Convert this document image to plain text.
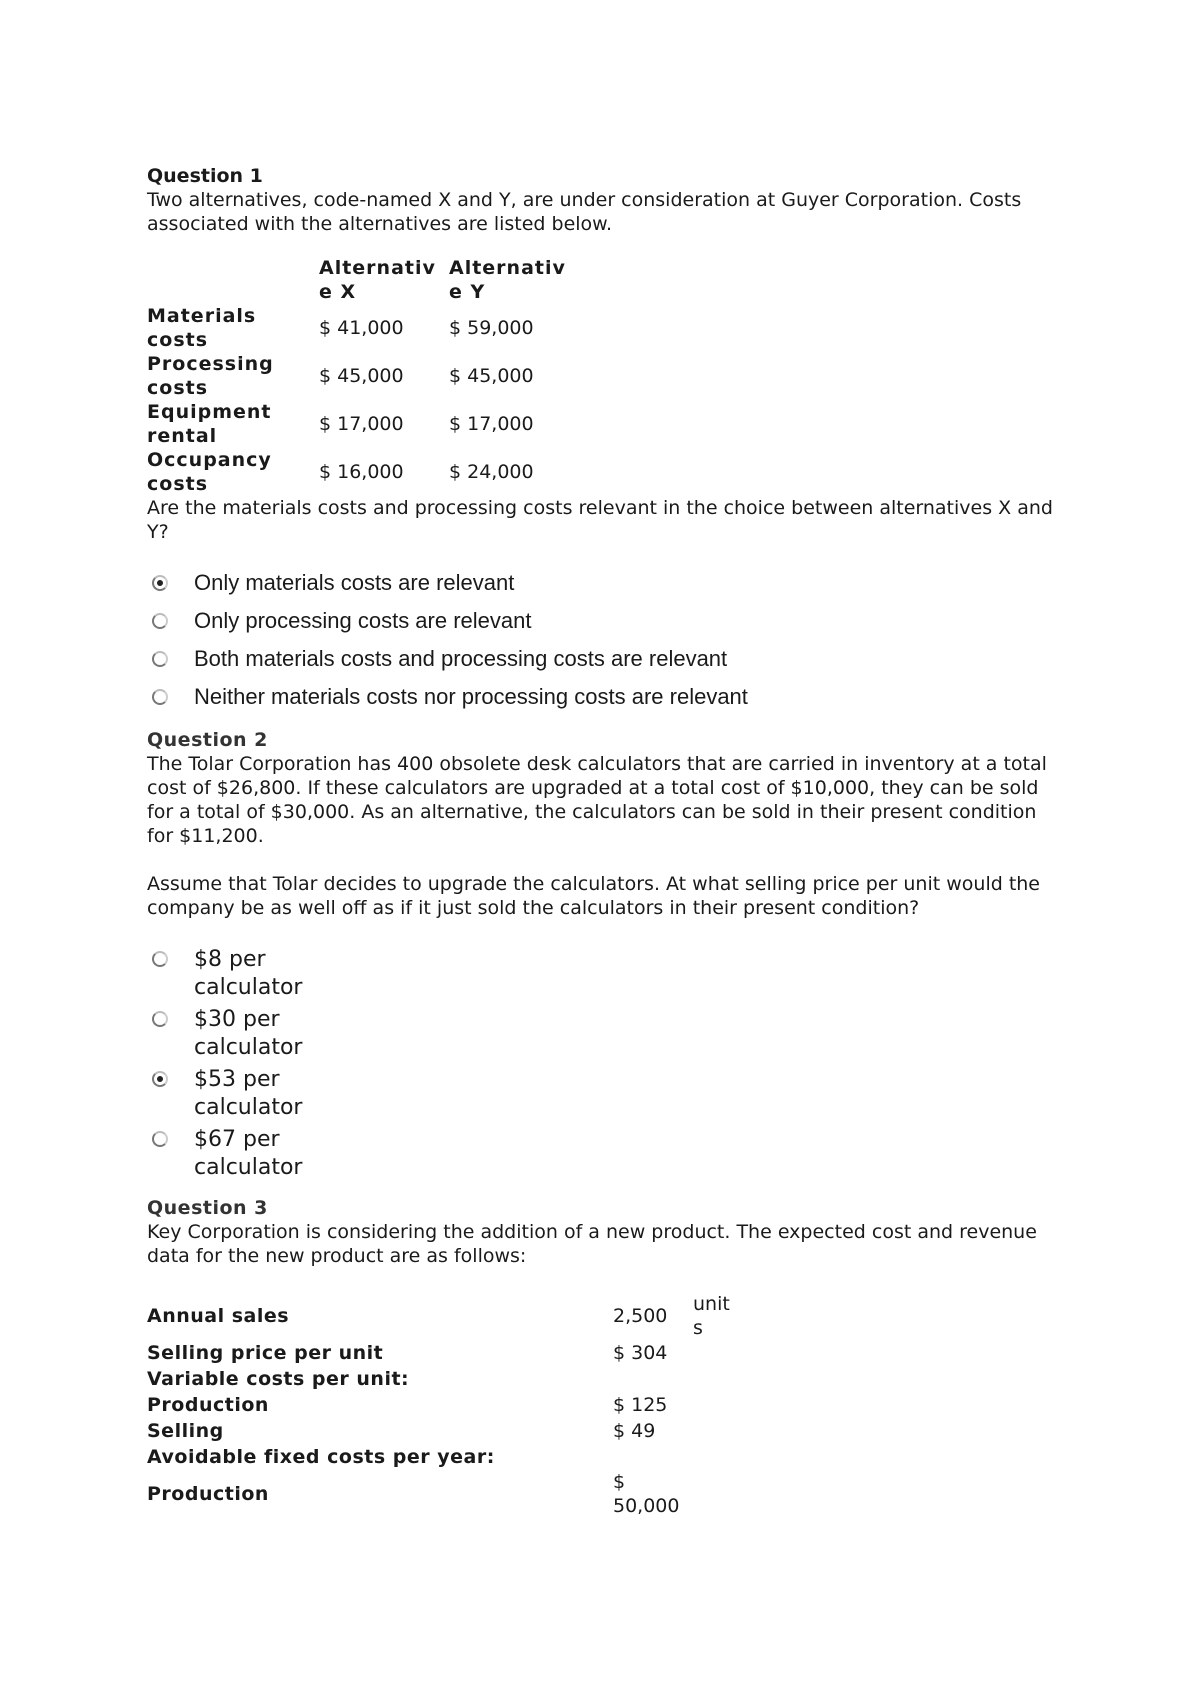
Question 1

Two alternatives, code-named X and Y, are under consideration at Guyer Corporation. Costs associated with the alternatives are listed below.

	Alternativ e X	Alternativ e Y
Materials costs	$ 41,000	$ 59,000
Processing costs	$ 45,000	$ 45,000
Equipment rental	$ 17,000	$ 17,000
Occupancy costs	$ 16,000	$ 24,000

Are the materials costs and processing costs relevant in the choice between alternatives X and Y?

Only materials costs are relevant
Only processing costs are relevant
Both materials costs and processing costs are relevant
Neither materials costs nor processing costs are relevant

Question 2

The Tolar Corporation has 400 obsolete desk calculators that are carried in inventory at a total cost of $26,800. If these calculators are upgraded at a total cost of $10,000, they can be sold for a total of $30,000. As an alternative, the calculators can be sold in their present condition for $11,200.

Assume that Tolar decides to upgrade the calculators. At what selling price per unit would the company be as well off as if it just sold the calculators in their present condition?

$8 per calculator
$30 per calculator
$53 per calculator
$67 per calculator

Question 3

Key Corporation is considering the addition of a new product. The expected cost and revenue data for the new product are as follows:

Annual sales	2,500	unit s
Selling price per unit	$ 304	
Variable costs per unit:		
Production	$ 125	
Selling	$ 49	
Avoidable fixed costs per year:		
Production	$ 50,000	
